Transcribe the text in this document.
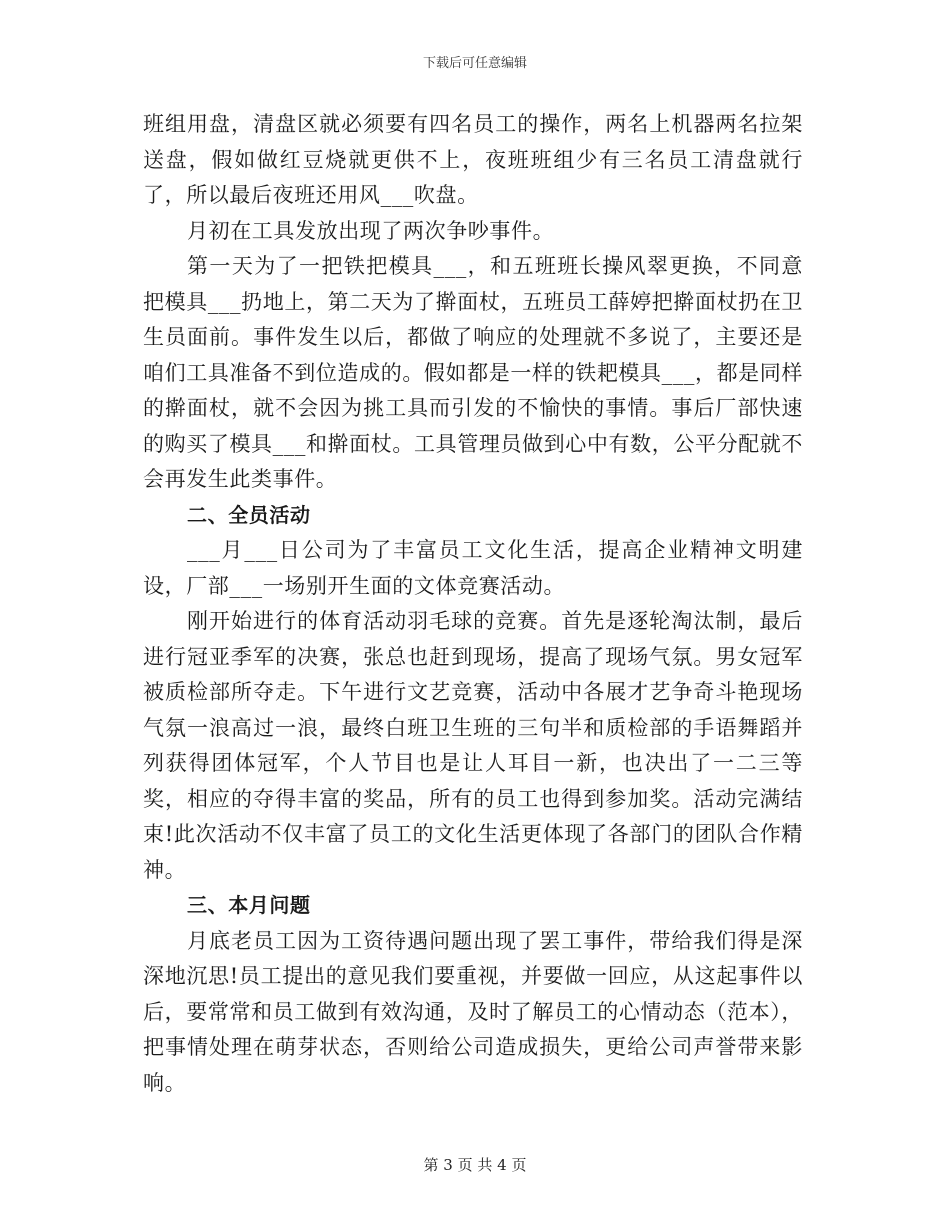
下载后可任意编辑

班组用盘，清盘区就必须要有四名员工的操作，两名上机器两名拉架送盘，假如做红豆烧就更供不上，夜班班组少有三名员工清盘就行了，所以最后夜班还用风___吹盘。

月初在工具发放出现了两次争吵事件。

第一天为了一把铁把模具___，和五班班长操风翠更换，不同意把模具___扔地上，第二天为了擀面杖，五班员工薛婷把擀面杖扔在卫生员面前。事件发生以后，都做了响应的处理就不多说了，主要还是咱们工具准备不到位造成的。假如都是一样的铁耙模具___，都是同样的擀面杖，就不会因为挑工具而引发的不愉快的事情。事后厂部快速的购买了模具___和擀面杖。工具管理员做到心中有数，公平分配就不会再发生此类事件。

二、全员活动

___月___日公司为了丰富员工文化生活，提高企业精神文明建设，厂部___一场别开生面的文体竞赛活动。

刚开始进行的体育活动羽毛球的竞赛。首先是逐轮淘汰制，最后进行冠亚季军的决赛，张总也赶到现场，提高了现场气氛。男女冠军被质检部所夺走。下午进行文艺竞赛，活动中各展才艺争奇斗艳现场气氛一浪高过一浪，最终白班卫生班的三句半和质检部的手语舞蹈并列获得团体冠军，个人节目也是让人耳目一新，也决出了一二三等奖，相应的夺得丰富的奖品，所有的员工也得到参加奖。活动完满结束!此次活动不仅丰富了员工的文化生活更体现了各部门的团队合作精神。

三、本月问题

月底老员工因为工资待遇问题出现了罢工事件，带给我们得是深深地沉思!员工提出的意见我们要重视，并要做一回应，从这起事件以后，要常常和员工做到有效沟通，及时了解员工的心情动态（范本），把事情处理在萌芽状态，否则给公司造成损失，更给公司声誉带来影响。

第 3 页 共 4 页
